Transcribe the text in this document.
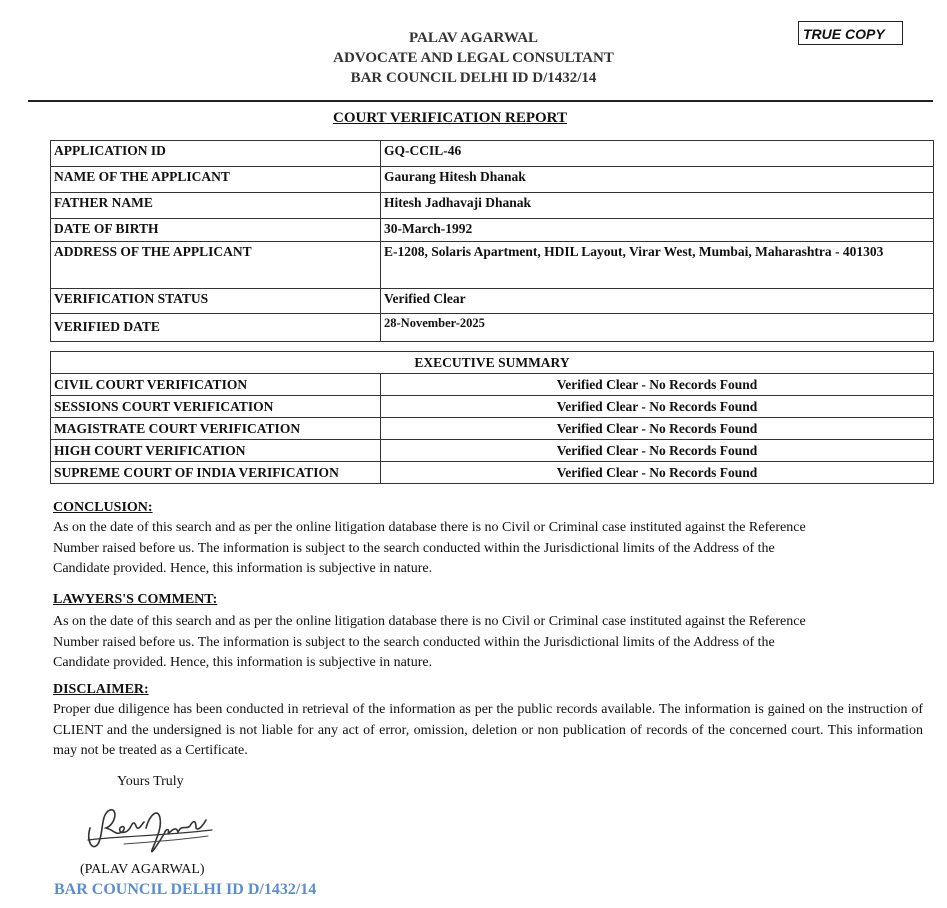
PALAV AGARWAL
ADVOCATE AND LEGAL CONSULTANT
BAR COUNCIL DELHI ID D/1432/14
TRUE COPY
COURT VERIFICATION REPORT
APPLICATION ID	GQ-CCIL-46
NAME OF THE APPLICANT	Gaurang Hitesh Dhanak
FATHER NAME	Hitesh Jadhavaji Dhanak
DATE OF BIRTH	30-March-1992
ADDRESS OF THE APPLICANT	E-1208, Solaris Apartment, HDIL Layout, Virar West, Mumbai, Maharashtra - 401303
VERIFICATION STATUS	Verified Clear
VERIFIED DATE	28-November-2025
EXECUTIVE SUMMARY	
CIVIL COURT VERIFICATION	Verified Clear - No Records Found
SESSIONS COURT VERIFICATION	Verified Clear - No Records Found
MAGISTRATE COURT VERIFICATION	Verified Clear - No Records Found
HIGH COURT VERIFICATION	Verified Clear - No Records Found
SUPREME COURT OF INDIA VERIFICATION	Verified Clear - No Records Found
CONCLUSION:
As on the date of this search and as per the online litigation database there is no Civil or Criminal case instituted against the Reference
Number raised before us. The information is subject to the search conducted within the Jurisdictional limits of the Address of the
Candidate provided. Hence, this information is subjective in nature.
LAWYERS'S COMMENT:
As on the date of this search and as per the online litigation database there is no Civil or Criminal case instituted against the Reference
Number raised before us. The information is subject to the search conducted within the Jurisdictional limits of the Address of the
Candidate provided. Hence, this information is subjective in nature.
DISCLAIMER:
Proper due diligence has been conducted in retrieval of the information as per the public records available. The information is gained on the instruction of CLIENT and the undersigned is not liable for any act of error, omission, deletion or non publication of records of the concerned court. This information may not be treated as a Certificate.
Yours Truly
(PALAV AGARWAL)
BAR COUNCIL DELHI ID D/1432/14
